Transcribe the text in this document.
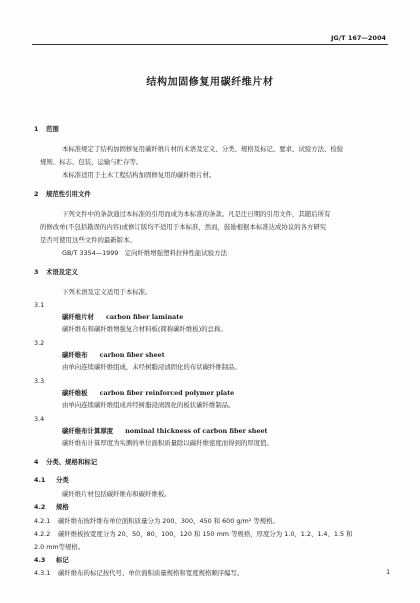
JG/T 167—2004
结构加固修复用碳纤维片材
1 范围
本标准规定了结构加固修复用碳纤维片材的术语及定义、分类、规格及标记、要求、试验方法、检验
规则、标志、包装、运输与贮存等。
本标准适用于土木工程结构加固修复用的碳纤维片材。
2 规范性引用文件
下列文件中的条款通过本标准的引用而成为本标准的条款。凡是注日期的引用文件，其随后所有
的修改单(不包括勘误的内容)或修订版均不适用于本标准，然而，鼓励根据本标准达成协议的各方研究
是否可使用这些文件的最新版本。
GB/T 3354—1999　定向纤维增强塑料拉伸性能试验方法
3 术语及定义
下列术语及定义适用于本标准。
3.1
碳纤维片材 carbon fiber laminate
碳纤维布和碳纤维增强复合材料板(简称碳纤维板)的总称。
3.2
碳纤维布 carbon fiber sheet
由单向连续碳纤维组成，未经树脂浸渍固化的布状碳纤维制品。
3.3
碳纤维板 carbon fiber reinforced polymer plate
由单向连续碳纤维组成并经树脂浸渍固化的板状碳纤维制品。
3.4
碳纤维布计算厚度 nominal thickness of carbon fiber sheet
碳纤维布计算厚度为实测的单位面积质量除以碳纤维密度而得到的厚度值。
4 分类、规格和标记
4.1 分类
碳纤维片材包括碳纤维布和碳纤维板。
4.2 规格
4.2.1 碳纤维布按纤维布单位面积质量分为 200、300、450 和 600 g/m² 等规格。
4.2.2 碳纤维板按宽度分为 20、50、80、100、120 和 150 mm 等规格，厚度分为 1.0、1.2、1.4、1.5 和
2.0 mm等规格。
4.3 标记
4.3.1 碳纤维布的标记按代号、单位面积质量规格和宽度规格顺序编写。	1
